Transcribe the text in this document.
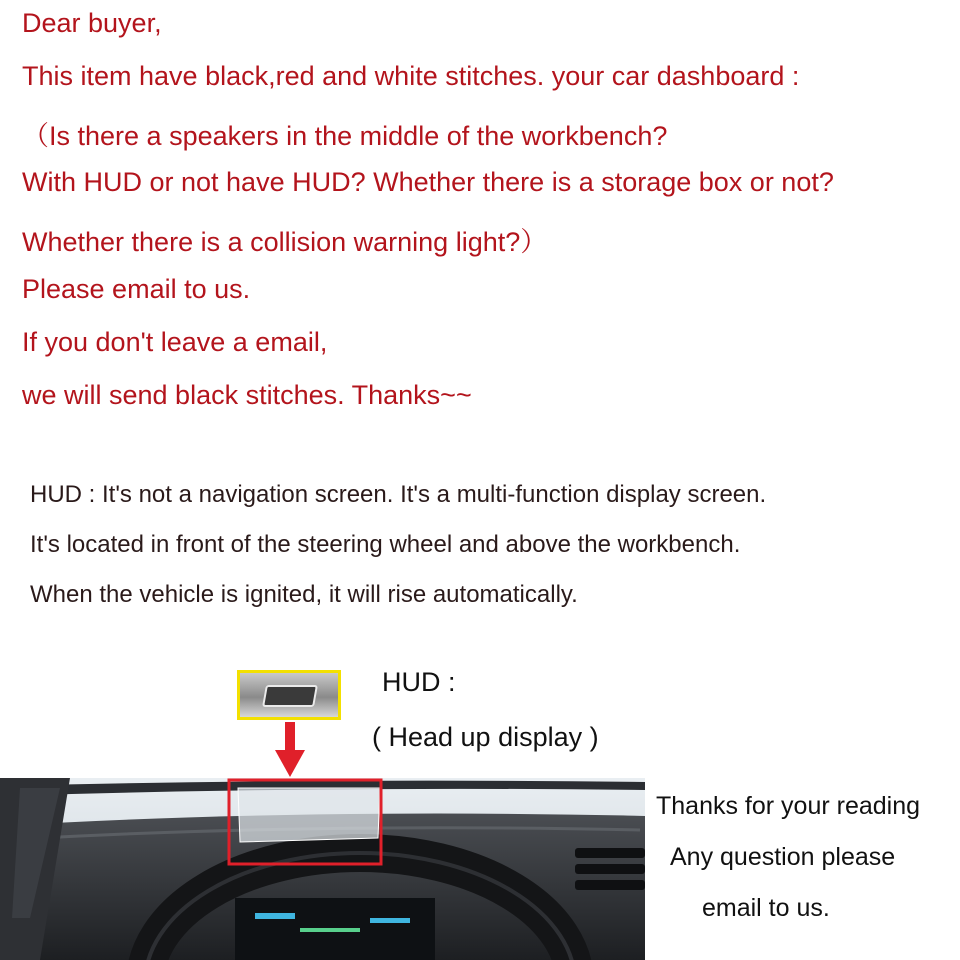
Dear buyer,
This item have black,red and white stitches. your car dashboard :
（Is there a speakers in the middle of the workbench?
With HUD or not have HUD? Whether there is a storage box or not?
Whether there is a collision warning light?）
Please email to us.
If you don't leave a email,
we will send black stitches. Thanks~~
HUD : It's not a navigation screen. It's a multi-function display screen.
It's located in front of the steering wheel and above the workbench.
When the vehicle is ignited, it will rise automatically.
HUD :
( Head up display )
Thanks for your reading
Any question please
email to us.
